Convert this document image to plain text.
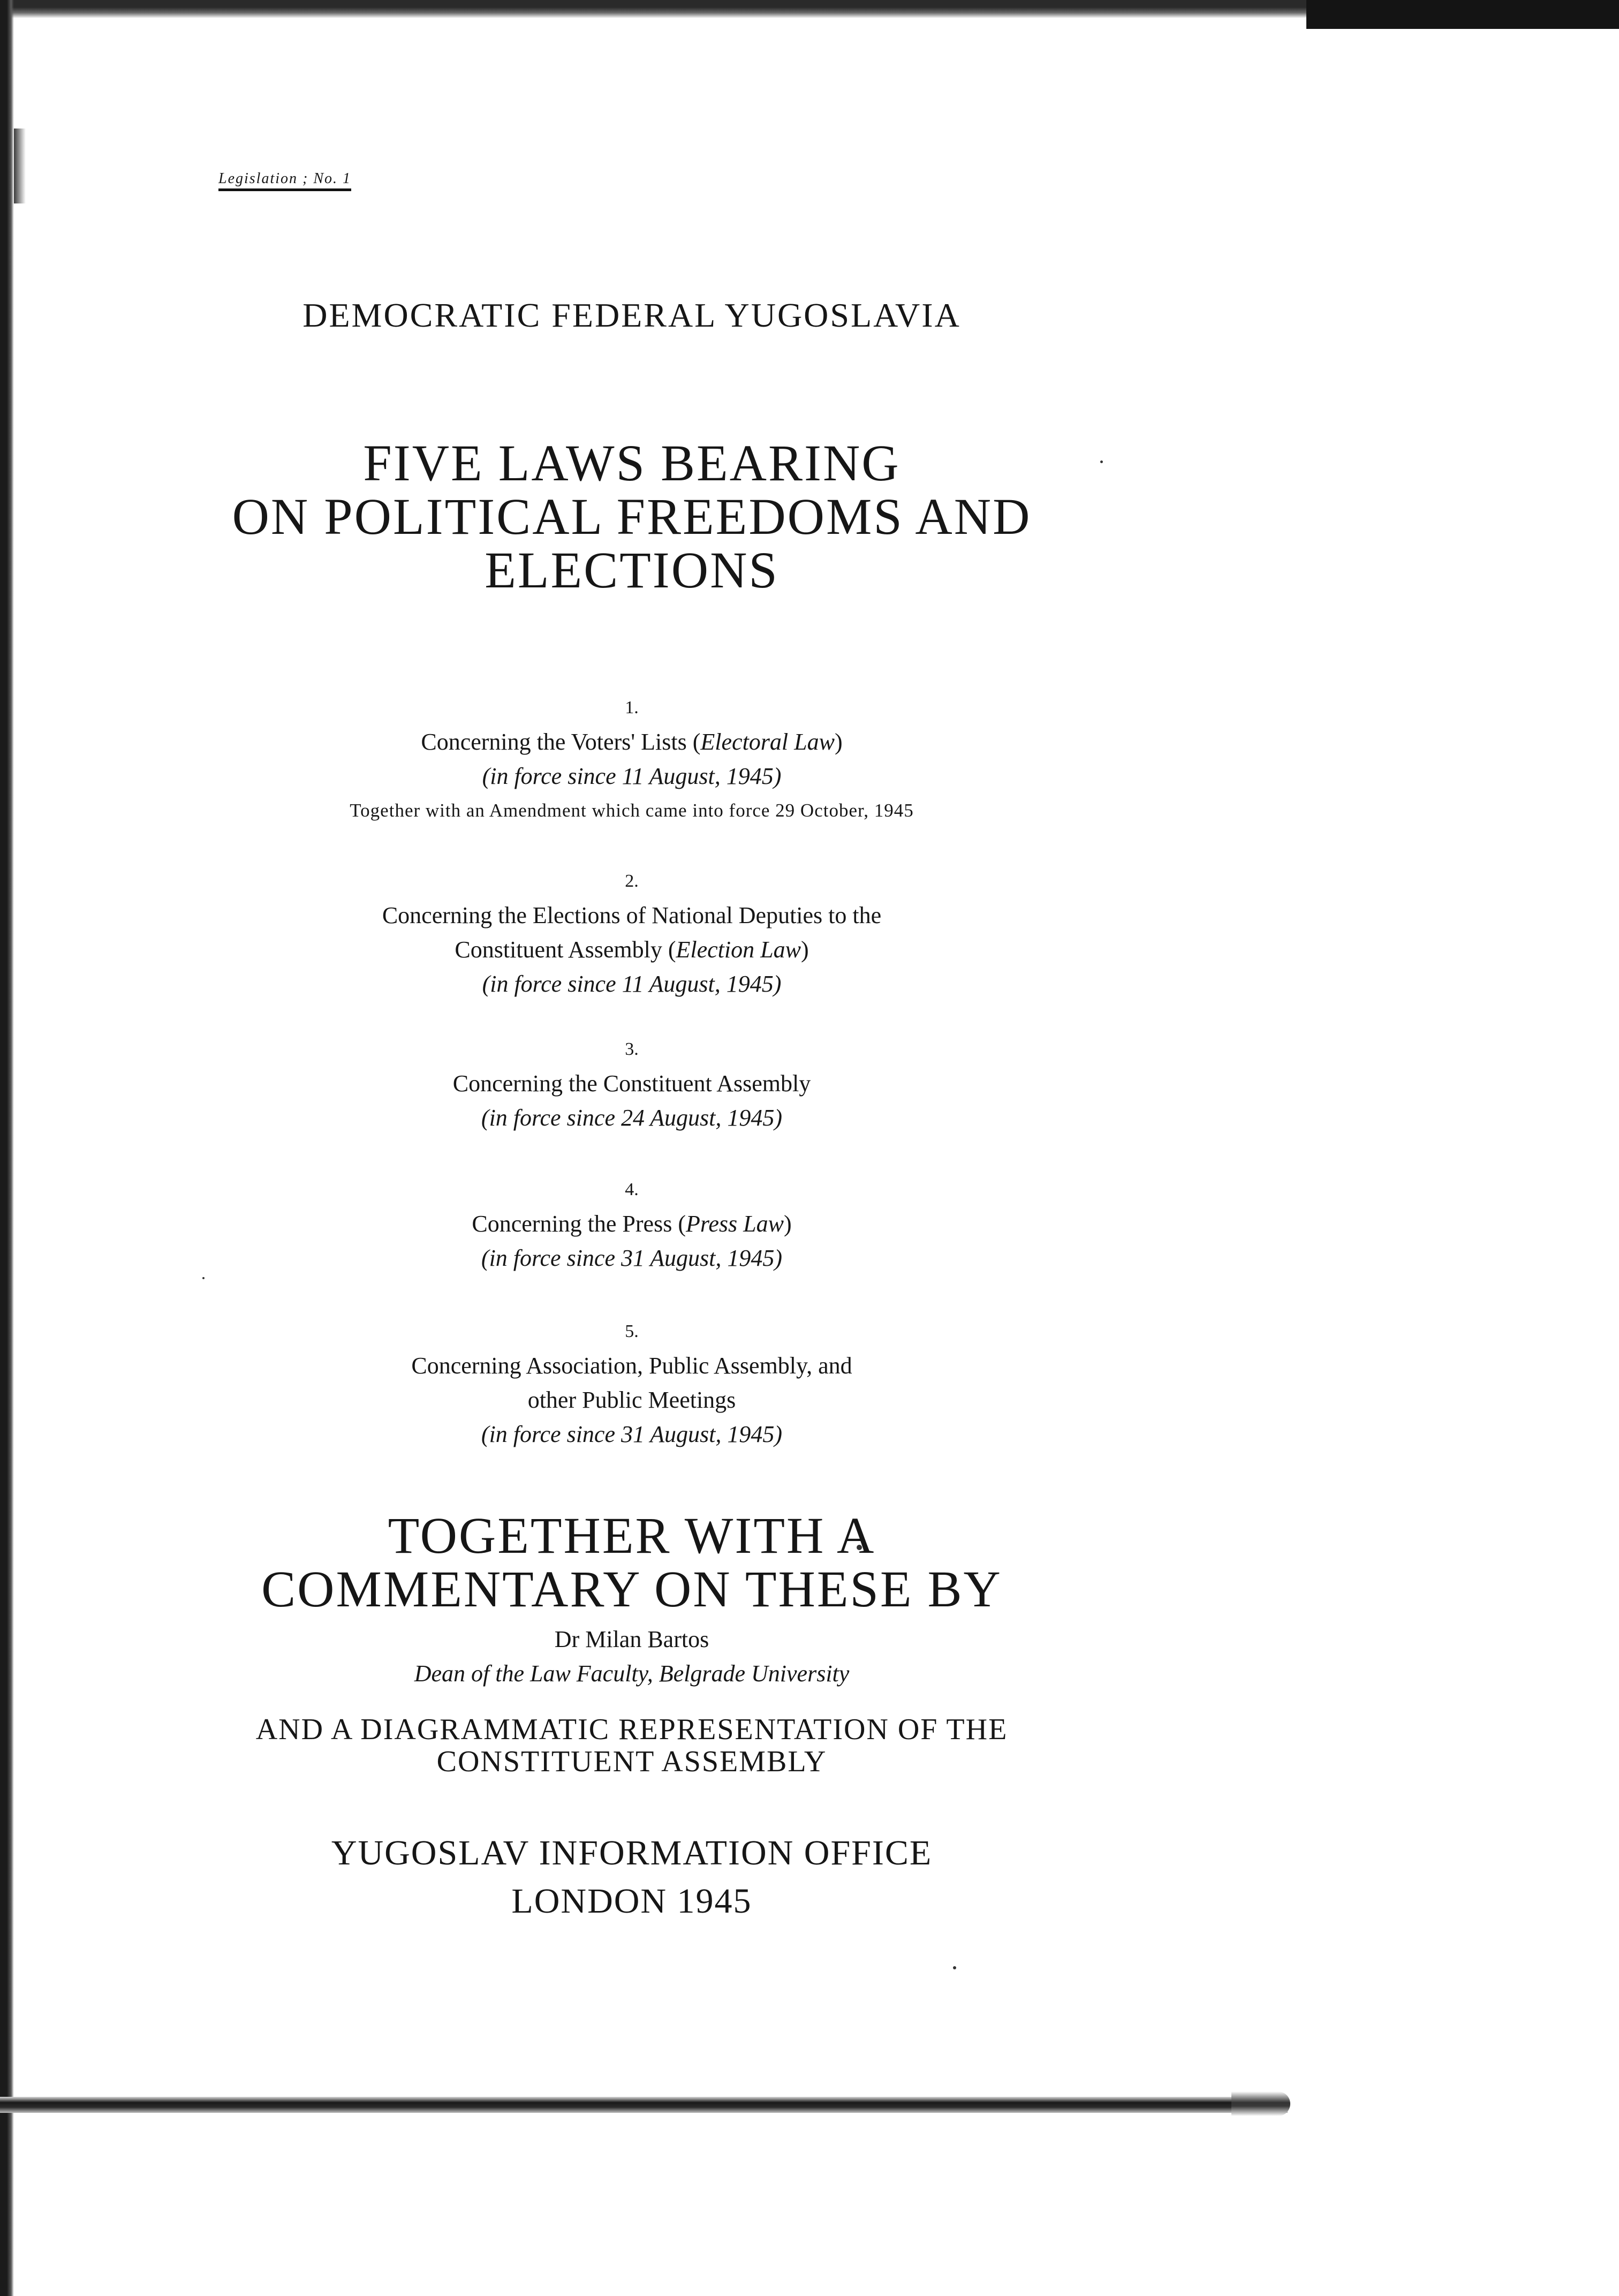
Legislation ; No. 1
DEMOCRATIC FEDERAL YUGOSLAVIA
FIVE LAWS BEARING
ON POLITICAL FREEDOMS AND
ELECTIONS
1.
Concerning the Voters' Lists (Electoral Law)
(in force since 11 August, 1945)
Together with an Amendment which came into force 29 October, 1945
2.
Concerning the Elections of National Deputies to the
Constituent Assembly (Election Law)
(in force since 11 August, 1945)
3.
Concerning the Constituent Assembly
(in force since 24 August, 1945)
4.
Concerning the Press (Press Law)
(in force since 31 August, 1945)
5.
Concerning Association, Public Assembly, and
other Public Meetings
(in force since 31 August, 1945)
TOGETHER WITH A
COMMENTARY ON THESE BY
Dr Milan Bartos
Dean of the Law Faculty, Belgrade University
AND A DIAGRAMMATIC REPRESENTATION OF THE
CONSTITUENT ASSEMBLY
YUGOSLAV INFORMATION OFFICE
LONDON 1945
